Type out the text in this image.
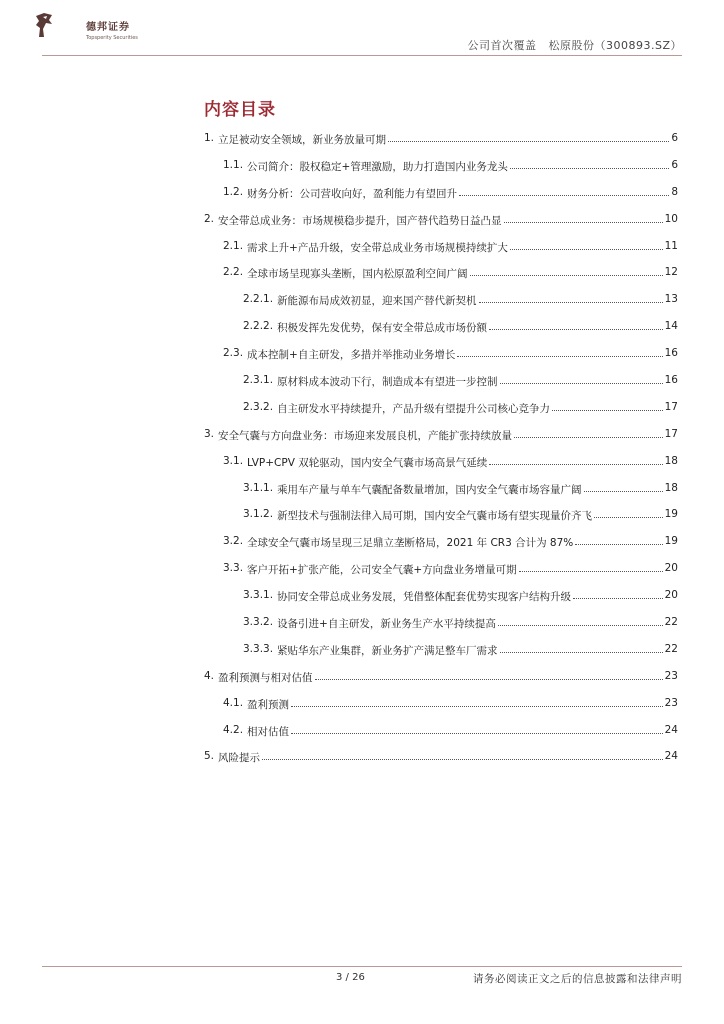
德邦证券
Topsperity Securities
公司首次覆盖 松原股份（300893.SZ）
内容目录
1. 立足被动安全领域，新业务放量可期	6
1.1. 公司简介：股权稳定+管理激励，助力打造国内业务龙头	6
1.2. 财务分析：公司营收向好，盈利能力有望回升	8
2. 安全带总成业务：市场规模稳步提升，国产替代趋势日益凸显	10
2.1. 需求上升+产品升级，安全带总成业务市场规模持续扩大	11
2.2. 全球市场呈现寡头垄断，国内松原盈利空间广阔	12
2.2.1. 新能源布局成效初显，迎来国产替代新契机	13
2.2.2. 积极发挥先发优势，保有安全带总成市场份额	14
2.3. 成本控制+自主研发，多措并举推动业务增长	16
2.3.1. 原材料成本波动下行，制造成本有望进一步控制	16
2.3.2. 自主研发水平持续提升，产品升级有望提升公司核心竞争力	17
3. 安全气囊与方向盘业务：市场迎来发展良机，产能扩张持续放量	17
3.1. LVP+CPV 双轮驱动，国内安全气囊市场高景气延续	18
3.1.1. 乘用车产量与单车气囊配备数量增加，国内安全气囊市场容量广阔	18
3.1.2. 新型技术与强制法律入局可期，国内安全气囊市场有望实现量价齐飞	19
3.2. 全球安全气囊市场呈现三足鼎立垄断格局，2021 年 CR3 合计为 87%	19
3.3. 客户开拓+扩张产能，公司安全气囊+方向盘业务增量可期	20
3.3.1. 协同安全带总成业务发展，凭借整体配套优势实现客户结构升级	20
3.3.2. 设备引进+自主研发，新业务生产水平持续提高	22
3.3.3. 紧贴华东产业集群，新业务扩产满足整车厂需求	22
4. 盈利预测与相对估值	23
4.1. 盈利预测	23
4.2. 相对估值	24
5. 风险提示	24
3 / 26	请务必阅读正文之后的信息披露和法律声明
